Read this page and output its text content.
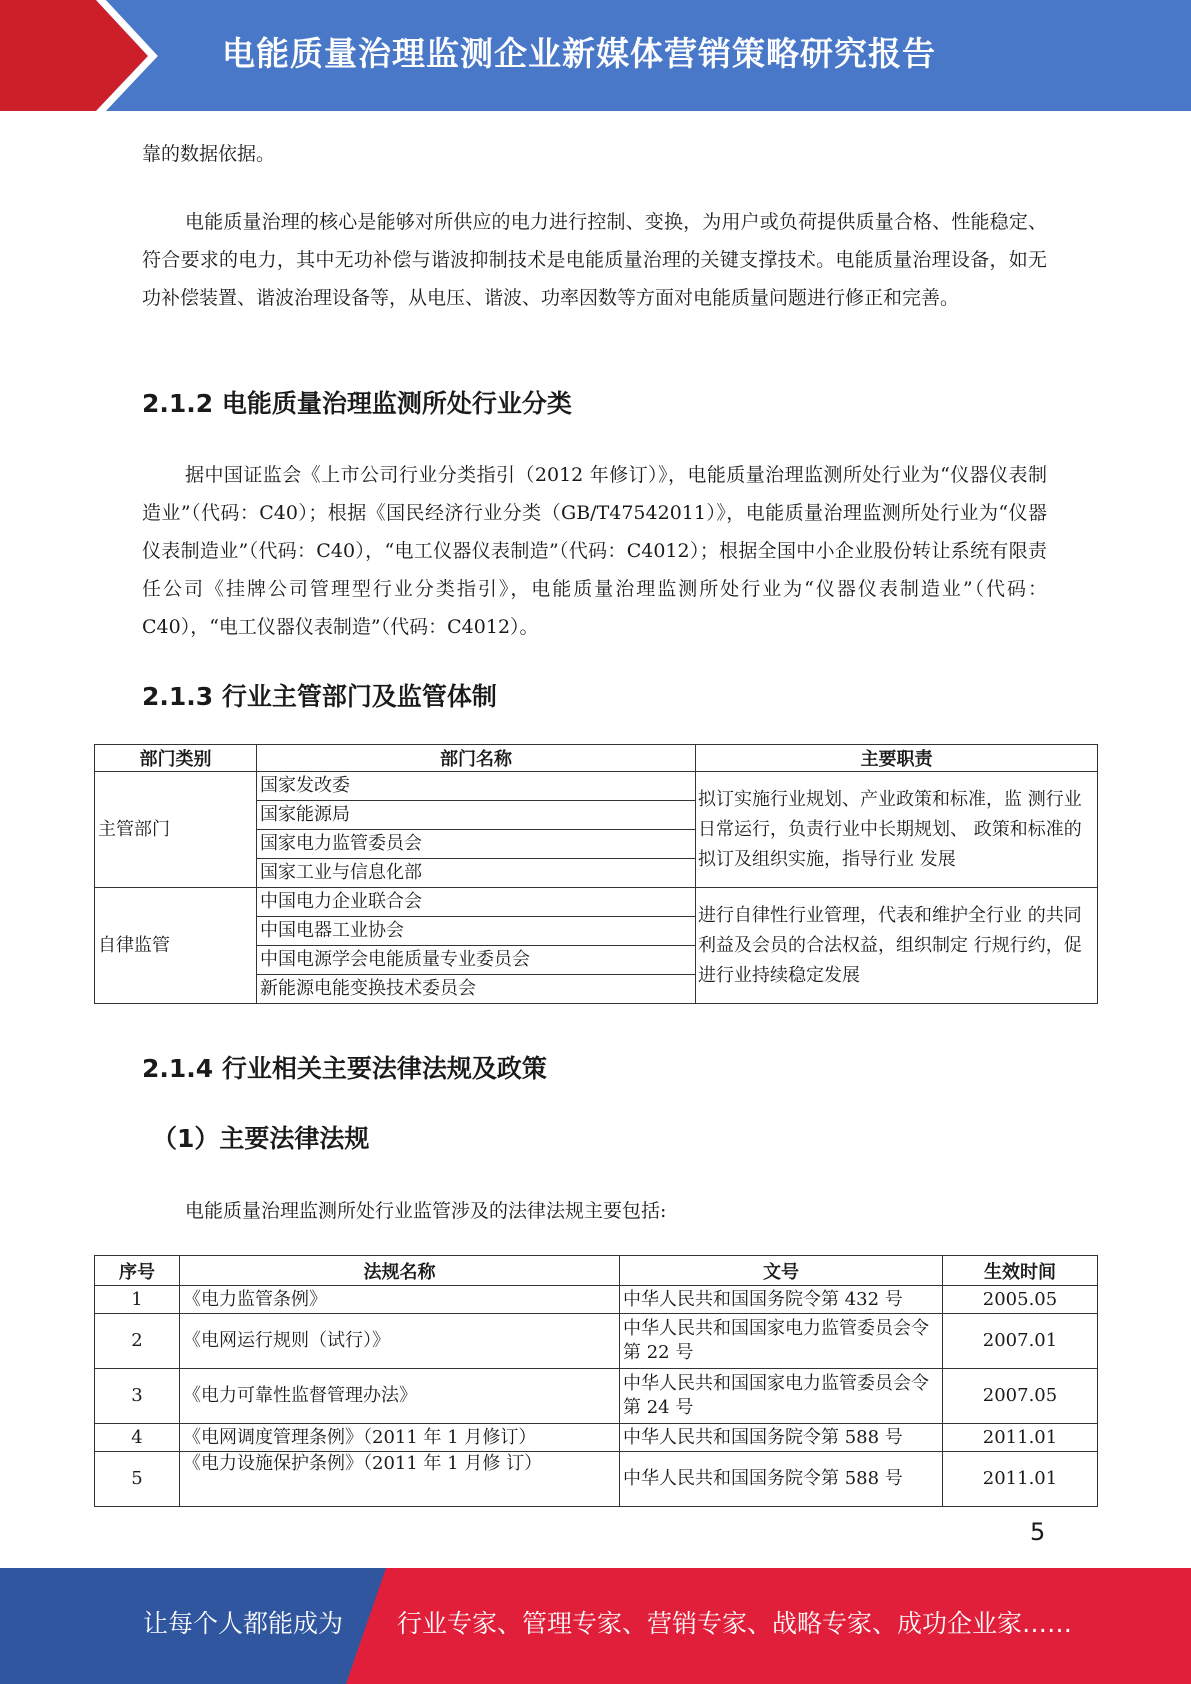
电能质量治理监测企业新媒体营销策略研究报告

靠的数据依据。

电能质量治理的核心是能够对所供应的电力进行控制、变换，为用户或负荷提供质量合格、性能稳定、符合要求的电力，其中无功补偿与谐波抑制技术是电能质量治理的关键支撑技术。电能质量治理设备，如无功补偿装置、谐波治理设备等，从电压、谐波、功率因数等方面对电能质量问题进行修正和完善。

2.1.2 电能质量治理监测所处行业分类

据中国证监会《上市公司行业分类指引（2012 年修订）》，电能质量治理监测所处行业为“仪器仪表制造业”（代码：C40）；根据《国民经济行业分类（GB/T47542011）》，电能质量治理监测所处行业为“仪器仪表制造业”（代码：C40），“电工仪器仪表制造”（代码：C4012）；根据全国中小企业股份转让系统有限责任公司《挂牌公司管理型行业分类指引》，电能质量治理监测所处行业为“仪器仪表制造业”（代码：C40），“电工仪器仪表制造”（代码：C4012）。

2.1.3 行业主管部门及监管体制
部门类别	部门名称	主要职责
主管部门	国家发改委	拟订实施行业规划、产业政策和标准，监 测行业日常运行，负责行业中长期规划、 政策和标准的拟订及组织实施，指导行业 发展
	国家能源局	
	国家电力监管委员会	
	国家工业与信息化部	
自律监管	中国电力企业联合会	进行自律性行业管理，代表和维护全行业 的共同利益及会员的合法权益，组织制定 行规行约，促进行业持续稳定发展
	中国电器工业协会	
	中国电源学会电能质量专业委员会	
	新能源电能变换技术委员会	
2.1.4 行业相关主要法律法规及政策
（1）主要法律法规

电能质量治理监测所处行业监管涉及的法律法规主要包括:

序号	法规名称	文号	生效时间
1	《电力监管条例》	中华人民共和国国务院令第 432 号	2005.05
2	《电网运行规则（试行）》	中华人民共和国国家电力监管委员会令第 22 号	2007.01
3	《电力可靠性监督管理办法》	中华人民共和国国家电力监管委员会令第 24 号	2007.05
4	《电网调度管理条例》（2011 年 1 月修订）	中华人民共和国国务院令第 588 号	2011.01
5	《电力设施保护条例》（2011 年 1 月修 订）	中华人民共和国国务院令第 588 号	2011.01
5
让每个人都能成为 行业专家、管理专家、营销专家、战略专家、成功企业家……
